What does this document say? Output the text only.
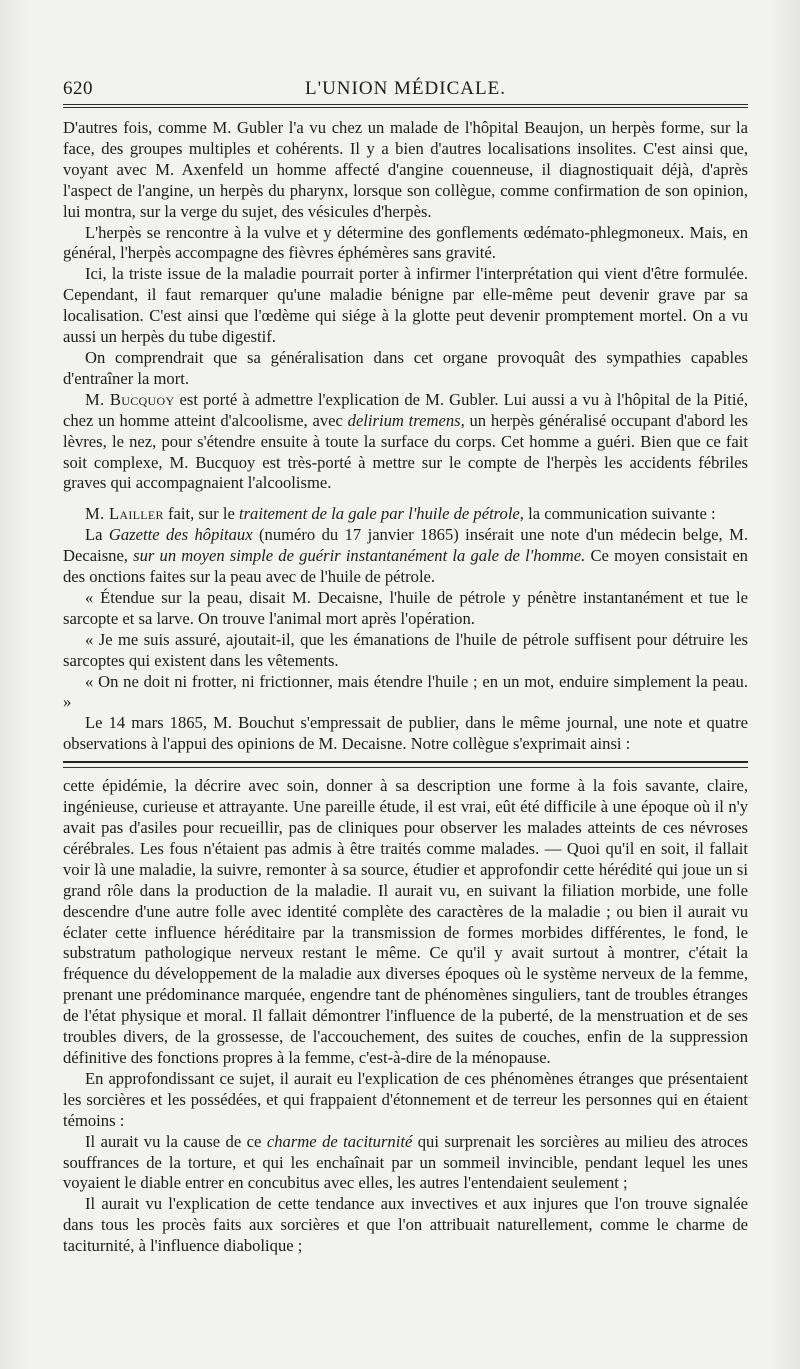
620	L'UNION MÉDICALE.

D'autres fois, comme M. Gubler l'a vu chez un malade de l'hôpital Beaujon, un herpès forme, sur la face, des groupes multiples et cohérents. Il y a bien d'autres localisations insolites. C'est ainsi que, voyant avec M. Axenfeld un homme affecté d'angine couenneuse, il diagnostiquait déjà, d'après l'aspect de l'angine, un herpès du pharynx, lorsque son collègue, comme confirmation de son opinion, lui montra, sur la verge du sujet, des vésicules d'herpès.

L'herpès se rencontre à la vulve et y détermine des gonflements œdémato-phlegmoneux. Mais, en général, l'herpès accompagne des fièvres éphémères sans gravité.

Ici, la triste issue de la maladie pourrait porter à infirmer l'interprétation qui vient d'être formulée. Cependant, il faut remarquer qu'une maladie bénigne par elle-même peut devenir grave par sa localisation. C'est ainsi que l'œdème qui siége à la glotte peut devenir promptement mortel. On a vu aussi un herpès du tube digestif.

On comprendrait que sa généralisation dans cet organe provoquât des sympathies capables d'entraîner la mort.

M. Bucquoy est porté à admettre l'explication de M. Gubler. Lui aussi a vu à l'hôpital de la Pitié, chez un homme atteint d'alcoolisme, avec delirium tremens, un herpès généralisé occupant d'abord les lèvres, le nez, pour s'étendre ensuite à toute la surface du corps. Cet homme a guéri. Bien que ce fait soit complexe, M. Bucquoy est très-porté à mettre sur le compte de l'herpès les accidents fébriles graves qui accompagnaient l'alcoolisme.

M. Lailler fait, sur le traitement de la gale par l'huile de pétrole, la communication suivante :

La Gazette des hôpitaux (numéro du 17 janvier 1865) insérait une note d'un médecin belge, M. Decaisne, sur un moyen simple de guérir instantanément la gale de l'homme. Ce moyen consistait en des onctions faites sur la peau avec de l'huile de pétrole.

« Étendue sur la peau, disait M. Decaisne, l'huile de pétrole y pénètre instantanément et tue le sarcopte et sa larve. On trouve l'animal mort après l'opération.

« Je me suis assuré, ajoutait-il, que les émanations de l'huile de pétrole suffisent pour détruire les sarcoptes qui existent dans les vêtements.

« On ne doit ni frotter, ni frictionner, mais étendre l'huile ; en un mot, enduire simplement la peau. »

Le 14 mars 1865, M. Bouchut s'empressait de publier, dans le même journal, une note et quatre observations à l'appui des opinions de M. Decaisne. Notre collègue s'exprimait ainsi :

cette épidémie, la décrire avec soin, donner à sa description une forme à la fois savante, claire, ingénieuse, curieuse et attrayante. Une pareille étude, il est vrai, eût été difficile à une époque où il n'y avait pas d'asiles pour recueillir, pas de cliniques pour observer les malades atteints de ces névroses cérébrales. Les fous n'étaient pas admis à être traités comme malades. — Quoi qu'il en soit, il fallait voir là une maladie, la suivre, remonter à sa source, étudier et approfondir cette hérédité qui joue un si grand rôle dans la production de la maladie. Il aurait vu, en suivant la filiation morbide, une folle descendre d'une autre folle avec identité complète des caractères de la maladie ; ou bien il aurait vu éclater cette influence héréditaire par la transmission de formes morbides différentes, le fond, le substratum pathologique nerveux restant le même. Ce qu'il y avait surtout à montrer, c'était la fréquence du développement de la maladie aux diverses époques où le système nerveux de la femme, prenant une prédominance marquée, engendre tant de phénomènes singuliers, tant de troubles étranges de l'état physique et moral. Il fallait démontrer l'influence de la puberté, de la menstruation et de ses troubles divers, de la grossesse, de l'accouchement, des suites de couches, enfin de la suppression définitive des fonctions propres à la femme, c'est-à-dire de la ménopause.

En approfondissant ce sujet, il aurait eu l'explication de ces phénomènes étranges que présentaient les sorcières et les possédées, et qui frappaient d'étonnement et de terreur les personnes qui en étaient témoins :

Il aurait vu la cause de ce charme de taciturnité qui surprenait les sorcières au milieu des atroces souffrances de la torture, et qui les enchaînait par un sommeil invincible, pendant lequel les unes voyaient le diable entrer en concubitus avec elles, les autres l'entendaient seulement ;

Il aurait vu l'explication de cette tendance aux invectives et aux injures que l'on trouve signalée dans tous les procès faits aux sorcières et que l'on attribuait naturellement, comme le charme de taciturnité, à l'influence diabolique ;
